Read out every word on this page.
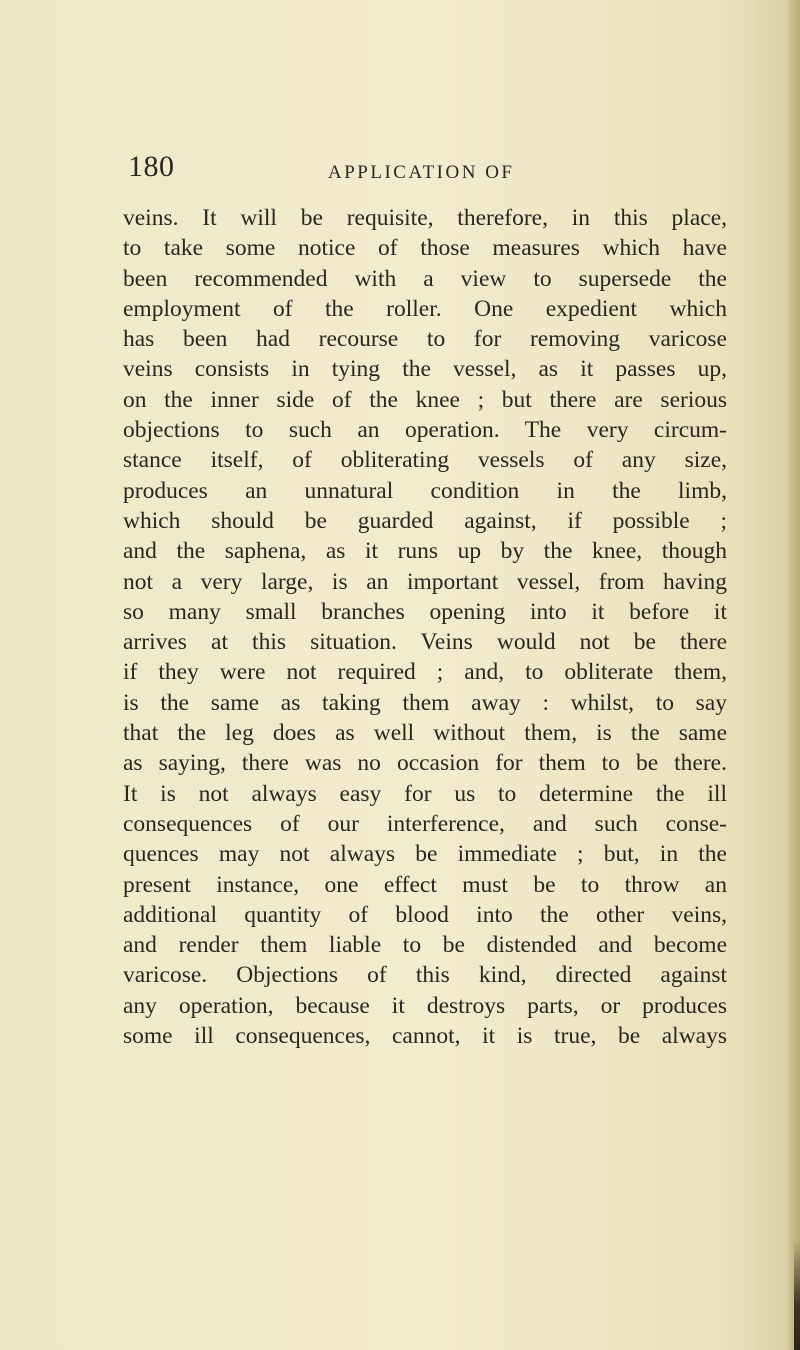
180	APPLICATION OF
veins. It will be requisite, therefore, in this place,
to take some notice of those measures which have
been recommended with a view to supersede the
employment of the roller. One expedient which
has been had recourse to for removing varicose
veins consists in tying the vessel, as it passes up,
on the inner side of the knee ; but there are serious
objections to such an operation. The very circum-
stance itself, of obliterating vessels of any size,
produces an unnatural condition in the limb,
which should be guarded against, if possible ;
and the saphena, as it runs up by the knee, though
not a very large, is an important vessel, from having
so many small branches opening into it before it
arrives at this situation. Veins would not be there
if they were not required ; and, to obliterate them,
is the same as taking them away : whilst, to say
that the leg does as well without them, is the same
as saying, there was no occasion for them to be there.
It is not always easy for us to determine the ill
consequences of our interference, and such conse-
quences may not always be immediate ; but, in the
present instance, one effect must be to throw an
additional quantity of blood into the other veins,
and render them liable to be distended and become
varicose. Objections of this kind, directed against
any operation, because it destroys parts, or produces
some ill consequences, cannot, it is true, be always
